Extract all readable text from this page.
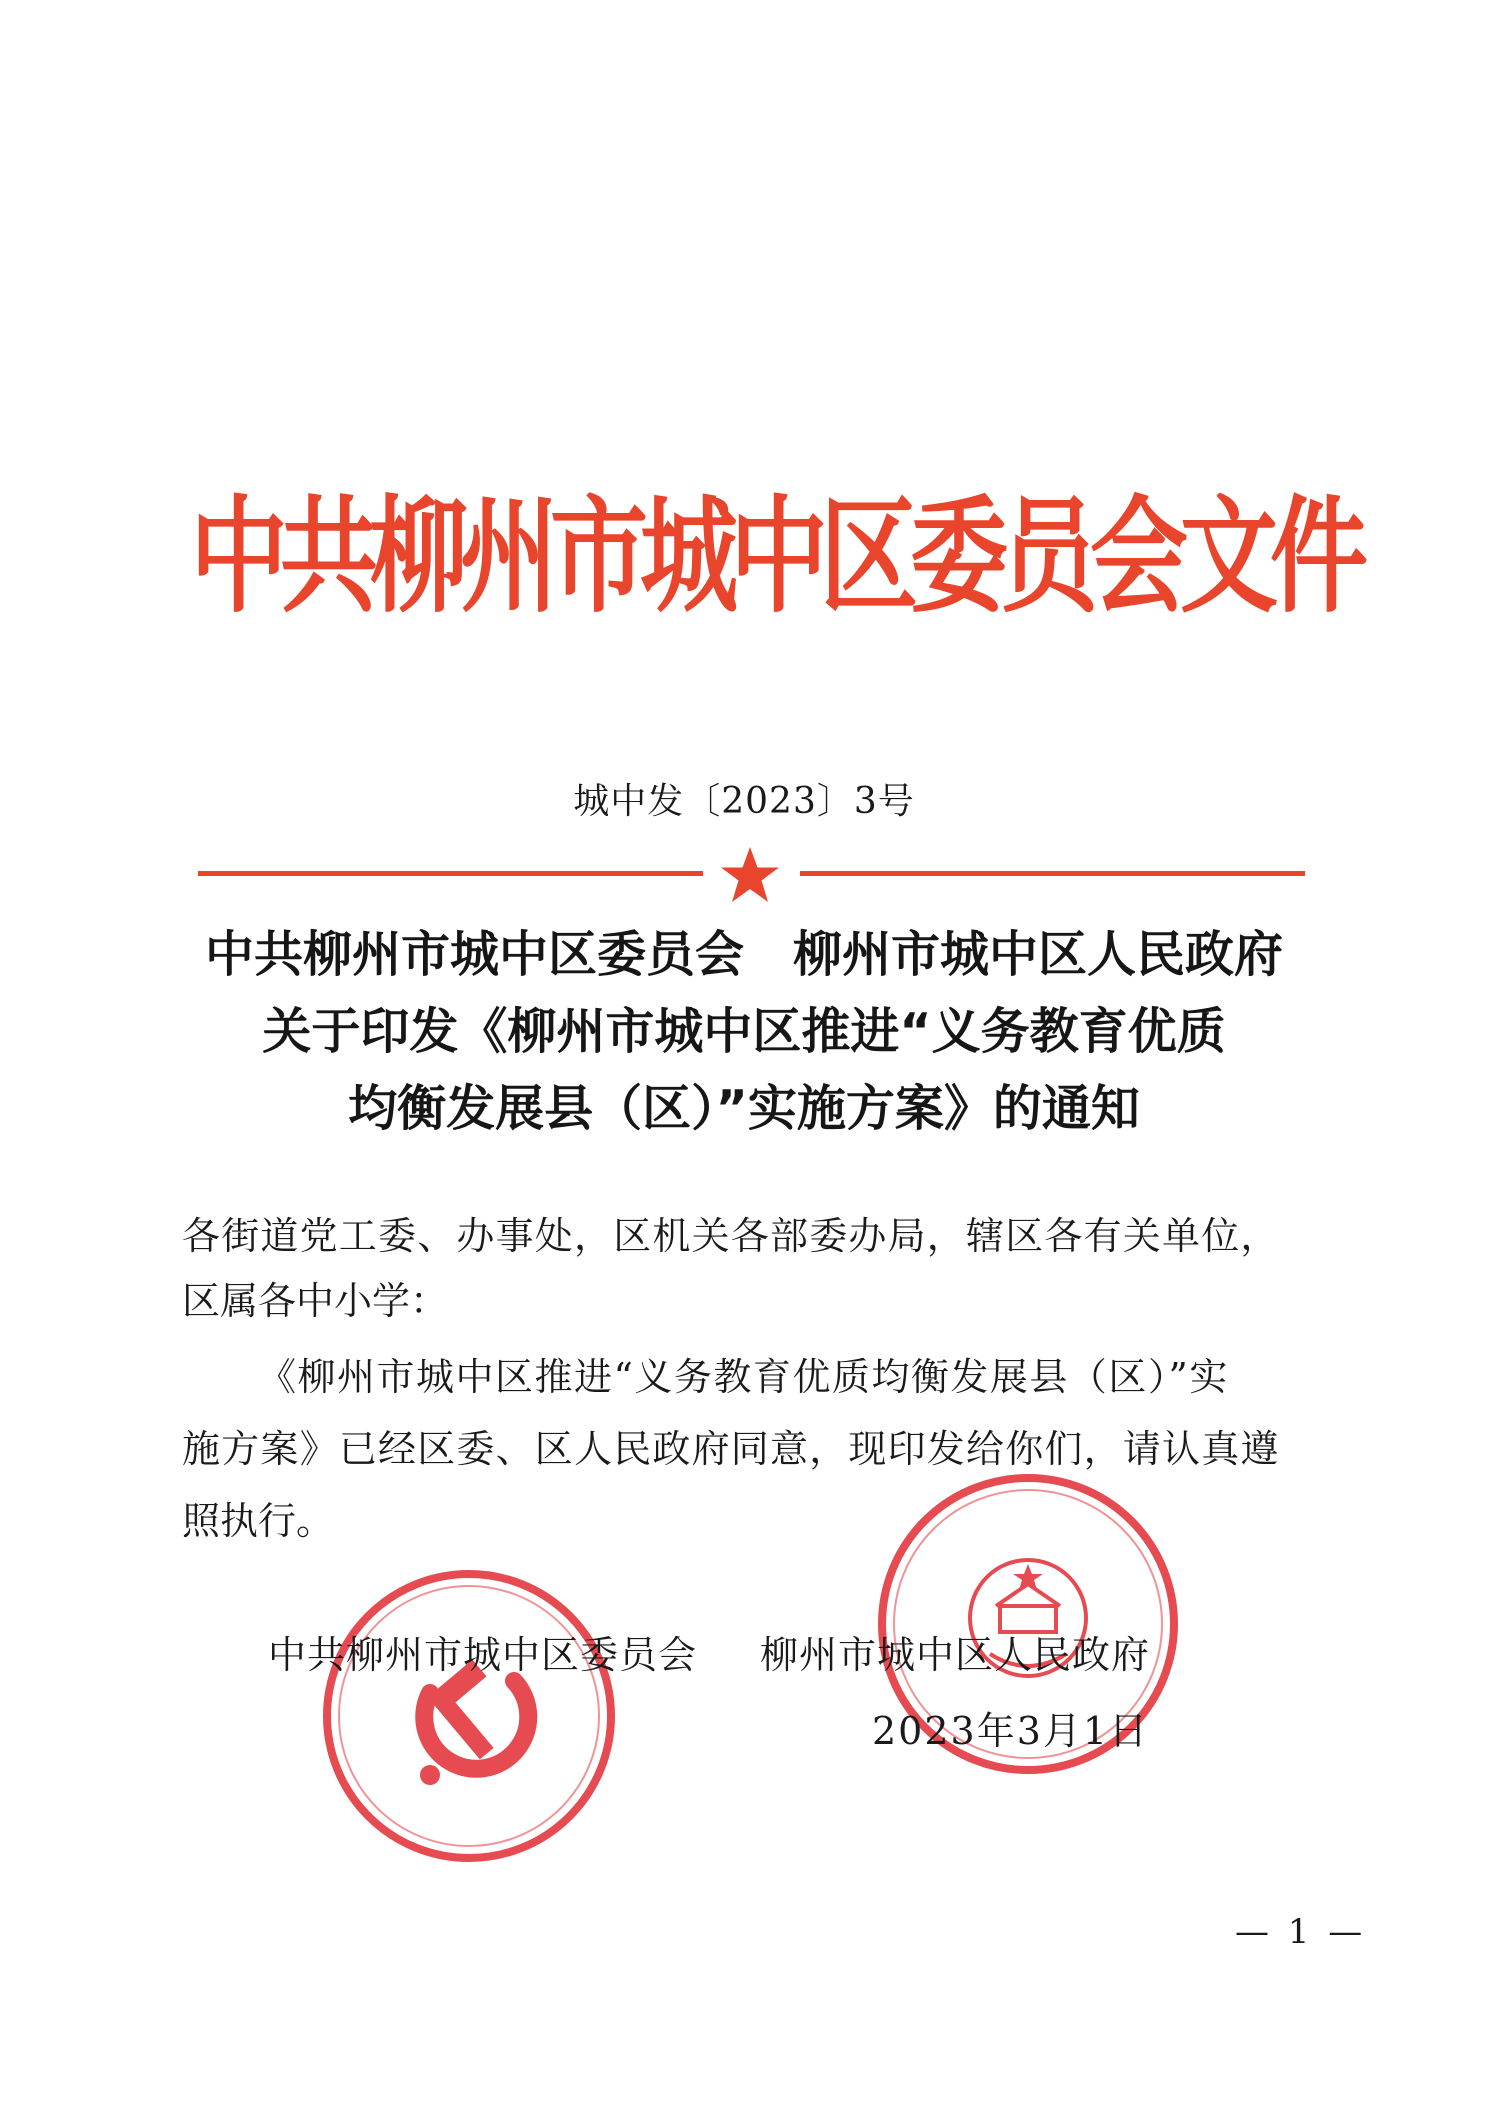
中共柳州市城中区委员会文件
城中发〔2023〕3号
中共柳州市城中区委员会　柳州市城中区人民政府
关于印发《柳州市城中区推进“义务教育优质
均衡发展县（区）”实施方案》的通知
各街道党工委、办事处，区机关各部委办局，辖区各有关单位，
区属各中小学：
《柳州市城中区推进“义务教育优质均衡发展县（区）”实
施方案》已经区委、区人民政府同意，现印发给你们，请认真遵
照执行。
中共柳州市城中区委员会 柳州市城中区人民政府
2023年3月1日
— 1 —
